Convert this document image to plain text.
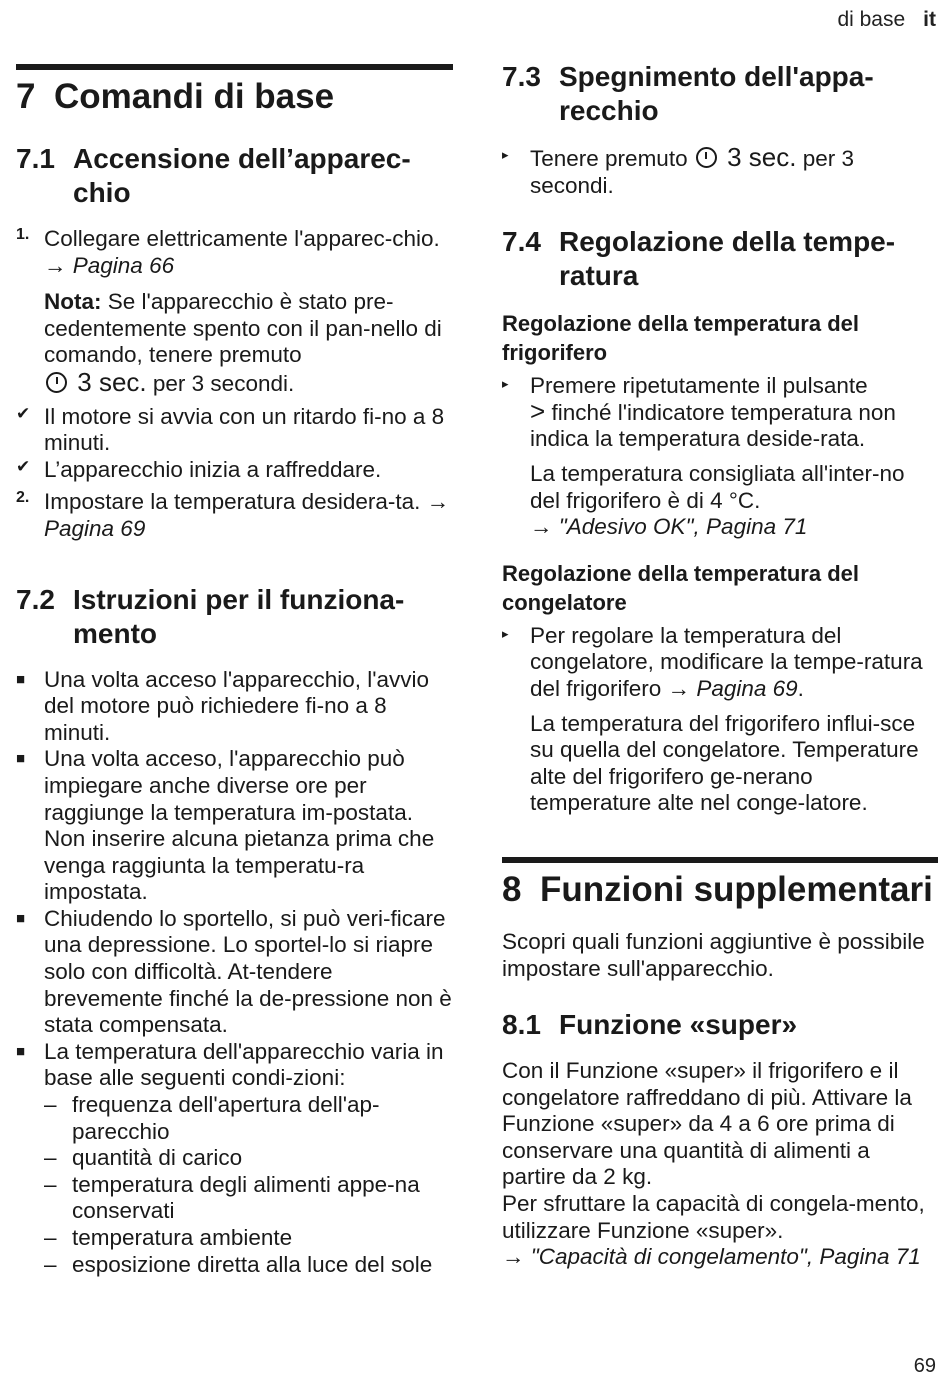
di base it
7 Comandi di base
7.1 Accensione dell’apparec-chio
1. Collegare elettricamente l'apparec-chio. → Pagina 66

Nota: Se l'apparecchio è stato pre-cedentemente spento con il pan-nello di comando, tenere premuto
3 sec. per 3 secondi.

✔ Il motore si avvia con un ritardo fi-no a 8 minuti.

✔ L’apparecchio inizia a raffreddare.

2. Impostare la temperatura desidera-ta. → Pagina 69

7.2 Istruzioni per il funziona-mento
■ Una volta acceso l'apparecchio, l'avvio del motore può richiedere fi-no a 8 minuti.
■ Una volta acceso, l'apparecchio può impiegare anche diverse ore per raggiunge la temperatura im-postata.
Non inserire alcuna pietanza prima che venga raggiunta la temperatu-ra impostata.
■ Chiudendo lo sportello, si può veri-ficare una depressione. Lo sportel-lo si riapre solo con difficoltà. At-tendere brevemente finché la de-pressione non è stata compensata.
■ La temperatura dell'apparecchio varia in base alle seguenti condi-zioni:
– frequenza dell'apertura dell'ap-parecchio
– quantità di carico
– temperatura degli alimenti appe-na conservati
– temperatura ambiente
– esposizione diretta alla luce del sole
7.3 Spegnimento dell'appa-recchio
▸ Tenere premuto  3 sec. per 3 secondi.

7.4 Regolazione della tempe-ratura
Regolazione della temperatura del frigorifero
▸ Premere ripetutamente il pulsante
> finché l'indicatore temperatura non indica la temperatura deside-rata.

La temperatura consigliata all'inter-no del frigorifero è di 4 °C.
→ "Adesivo OK", Pagina 71

Regolazione della temperatura del congelatore
▸ Per regolare la temperatura del congelatore, modificare la tempe-ratura del frigorifero → Pagina 69.

La temperatura del frigorifero influi-sce su quella del congelatore. Temperature alte del frigorifero ge-nerano temperature alte nel conge-latore.

8 Funzioni supplementari

Scopri quali funzioni aggiuntive è possibile impostare sull'apparecchio.

8.1 Funzione «super»

Con il Funzione «super» il frigorifero e il congelatore raffreddano di più. Attivare la Funzione «super» da 4 a 6 ore prima di conservare una quantità di alimenti a partire da 2 kg.

Per sfruttare la capacità di congela-mento, utilizzare Funzione «super».

→ "Capacità di congelamento", Pagina 71

69
